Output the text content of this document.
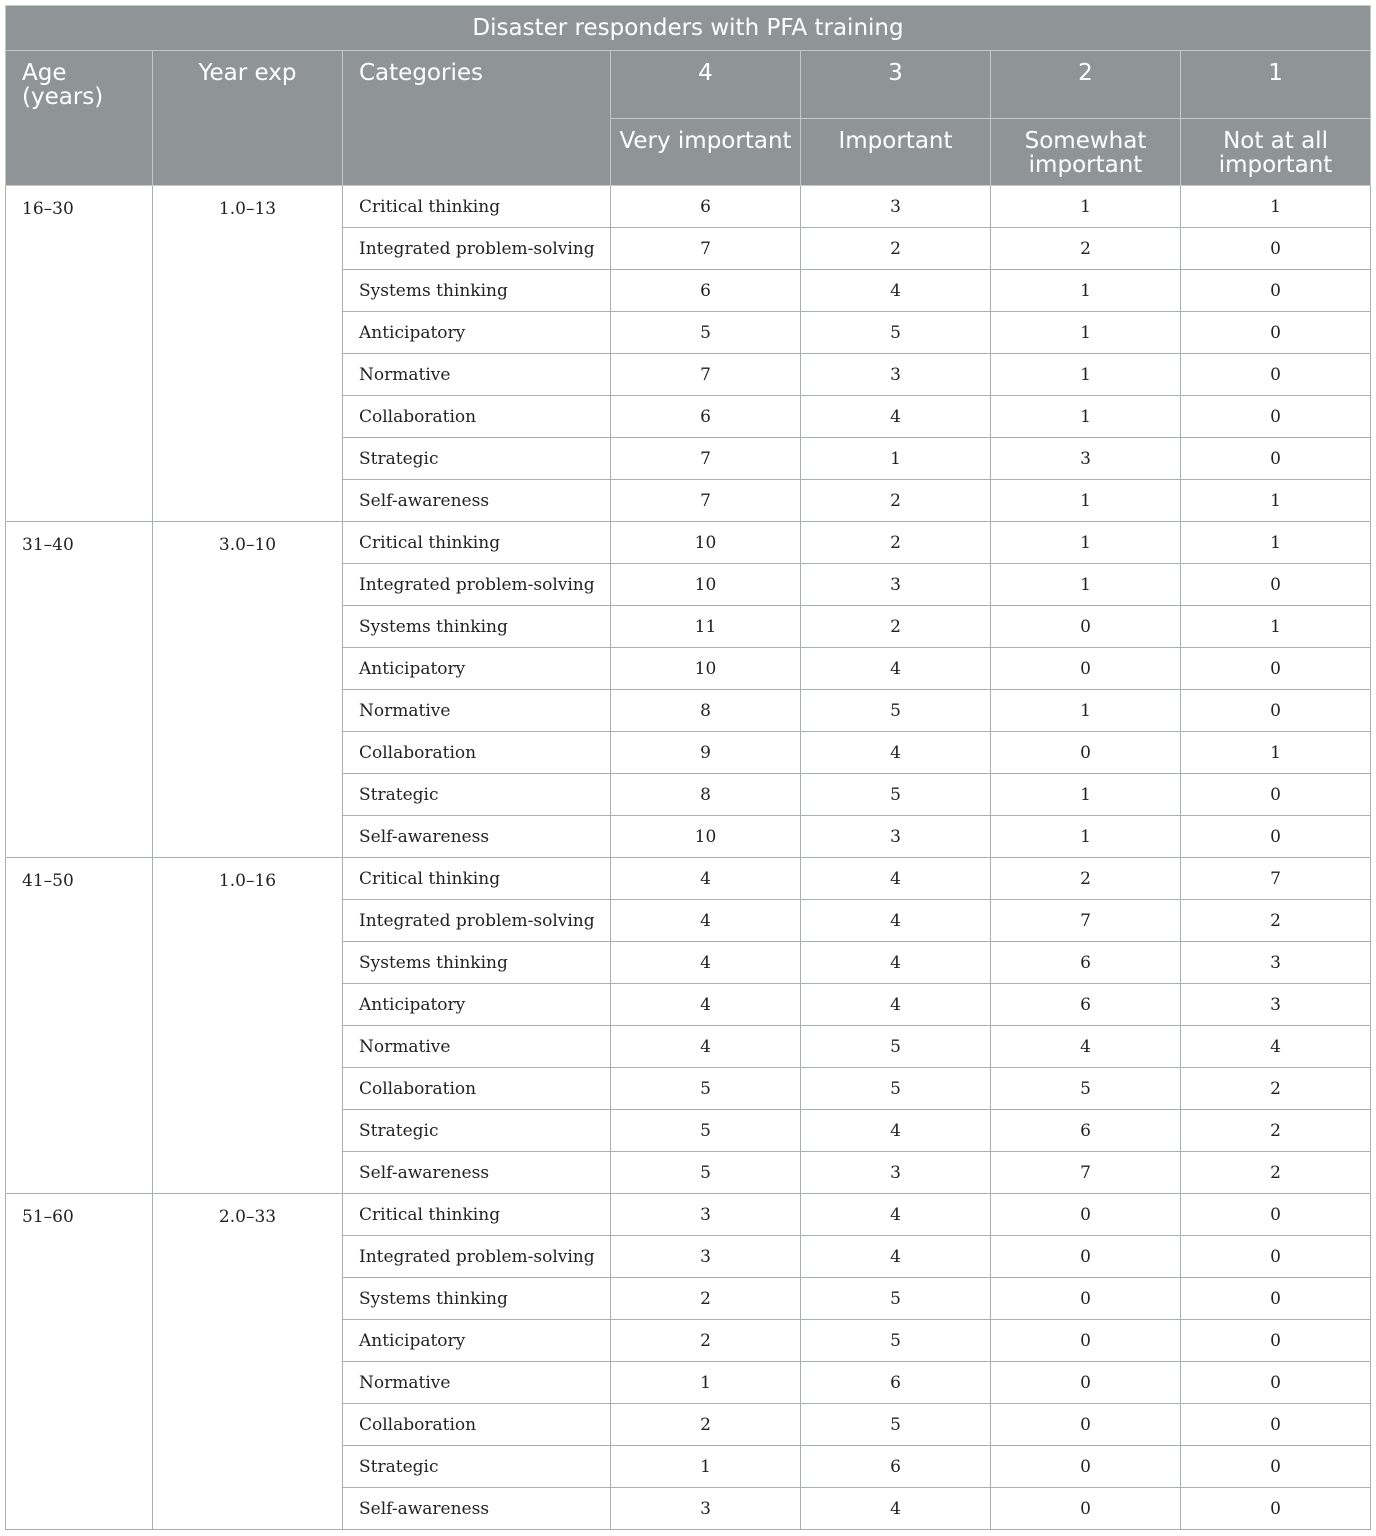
Disaster responders with PFA training						
Age (years)	Year exp	Categories	4	3	2	1
			Very important	Important	Somewhat important	Not at all important
16–30	1.0–13	Critical thinking	6	3	1	1
		Integrated problem-solving	7	2	2	0
		Systems thinking	6	4	1	0
		Anticipatory	5	5	1	0
		Normative	7	3	1	0
		Collaboration	6	4	1	0
		Strategic	7	1	3	0
		Self-awareness	7	2	1	1
31–40	3.0–10	Critical thinking	10	2	1	1
		Integrated problem-solving	10	3	1	0
		Systems thinking	11	2	0	1
		Anticipatory	10	4	0	0
		Normative	8	5	1	0
		Collaboration	9	4	0	1
		Strategic	8	5	1	0
		Self-awareness	10	3	1	0
41–50	1.0–16	Critical thinking	4	4	2	7
		Integrated problem-solving	4	4	7	2
		Systems thinking	4	4	6	3
		Anticipatory	4	4	6	3
		Normative	4	5	4	4
		Collaboration	5	5	5	2
		Strategic	5	4	6	2
		Self-awareness	5	3	7	2
51–60	2.0–33	Critical thinking	3	4	0	0
		Integrated problem-solving	3	4	0	0
		Systems thinking	2	5	0	0
		Anticipatory	2	5	0	0
		Normative	1	6	0	0
		Collaboration	2	5	0	0
		Strategic	1	6	0	0
		Self-awareness	3	4	0	0
